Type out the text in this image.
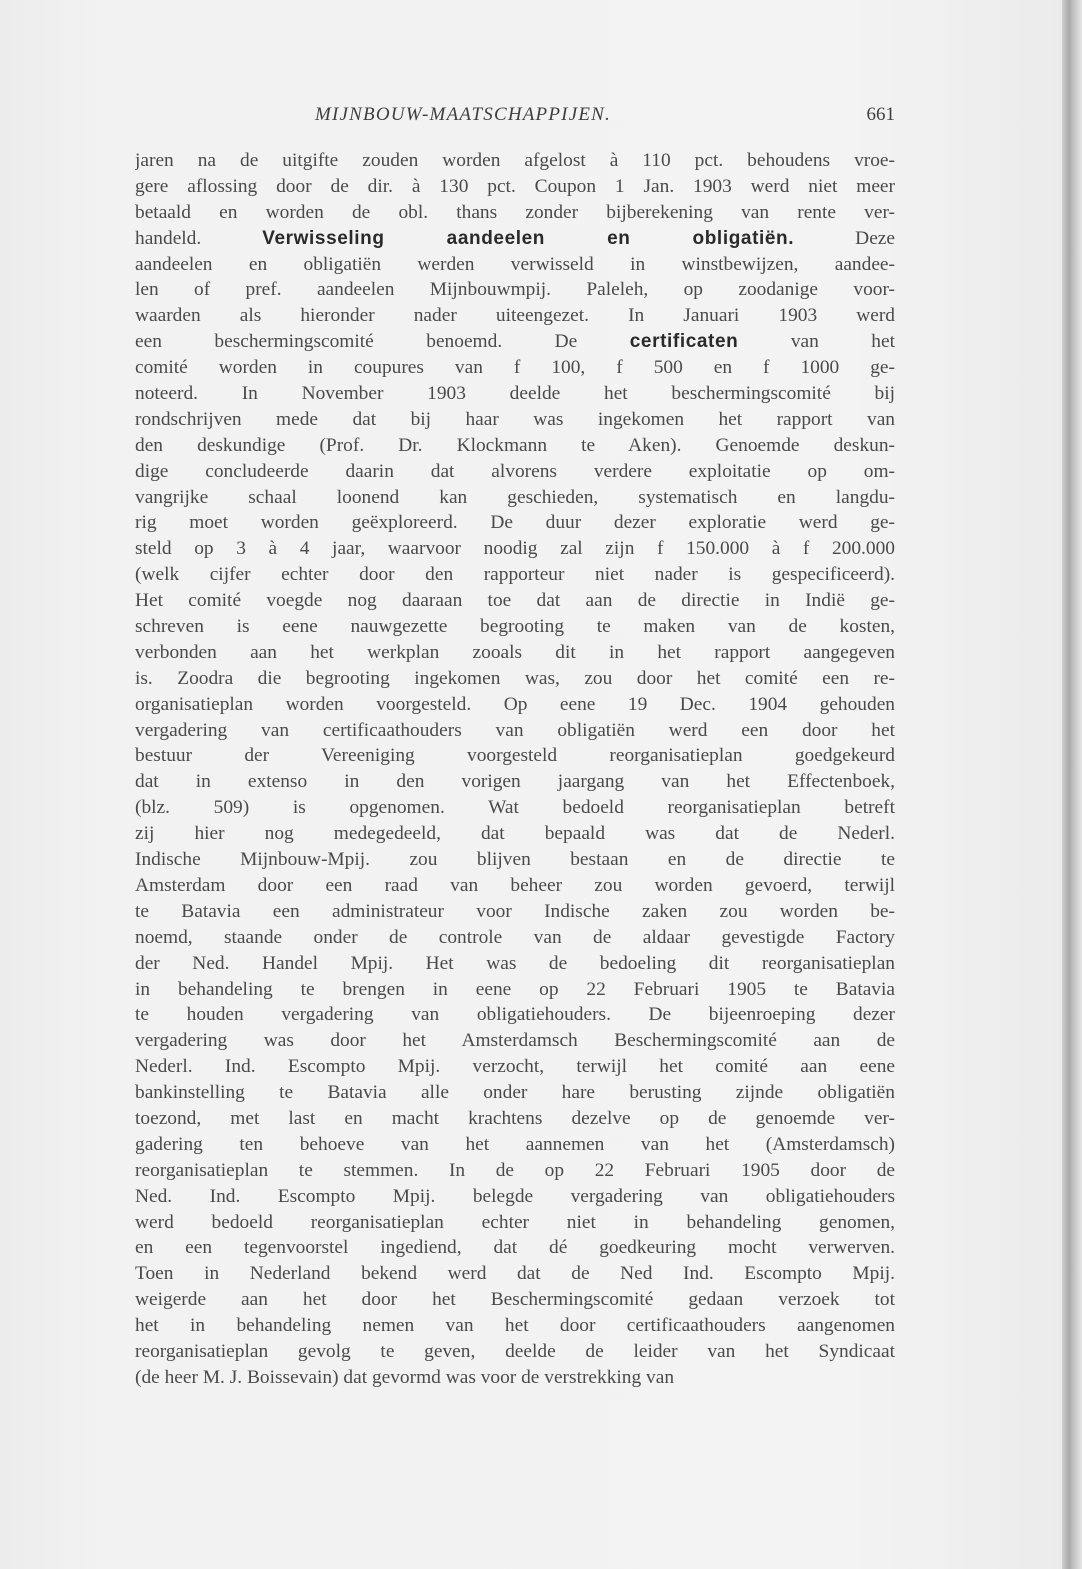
MIJNBOUW-MAATSCHAPPIJEN.	661
jaren na de uitgifte zouden worden afgelost à 110 pct. behoudens vroe-
gere aflossing door de dir. à 130 pct. Coupon 1 Jan. 1903 werd niet meer
betaald en worden de obl. thans zonder bijberekening van rente ver-
handeld. Verwisseling aandeelen en obligatiën. Deze
aandeelen en obligatiën werden verwisseld in winstbewijzen, aandee-
len of pref. aandeelen Mijnbouwmpij. Paleleh, op zoodanige voor-
waarden als hieronder nader uiteengezet. In Januari 1903 werd
een beschermingscomité benoemd. De certificaten van het
comité worden in coupures van f 100, f 500 en f 1000 ge-
noteerd. In November 1903 deelde het beschermingscomité bij
rondschrijven mede dat bij haar was ingekomen het rapport van
den deskundige (Prof. Dr. Klockmann te Aken). Genoemde deskun-
dige concludeerde daarin dat alvorens verdere exploitatie op om-
vangrijke schaal loonend kan geschieden, systematisch en langdu-
rig moet worden geëxploreerd. De duur dezer exploratie werd ge-
steld op 3 à 4 jaar, waarvoor noodig zal zijn f 150.000 à f 200.000
(welk cijfer echter door den rapporteur niet nader is gespecificeerd).
Het comité voegde nog daaraan toe dat aan de directie in Indië ge-
schreven is eene nauwgezette begrooting te maken van de kosten,
verbonden aan het werkplan zooals dit in het rapport aangegeven
is. Zoodra die begrooting ingekomen was, zou door het comité een re-
organisatieplan worden voorgesteld. Op eene 19 Dec. 1904 gehouden
vergadering van certificaathouders van obligatiën werd een door het
bestuur der Vereeniging voorgesteld reorganisatieplan goedgekeurd
dat in extenso in den vorigen jaargang van het Effectenboek,
(blz. 509) is opgenomen. Wat bedoeld reorganisatieplan betreft
zij hier nog medegedeeld, dat bepaald was dat de Nederl.
Indische Mijnbouw-Mpij. zou blijven bestaan en de directie te
Amsterdam door een raad van beheer zou worden gevoerd, terwijl
te Batavia een administrateur voor Indische zaken zou worden be-
noemd, staande onder de controle van de aldaar gevestigde Factory
der Ned. Handel Mpij. Het was de bedoeling dit reorganisatieplan
in behandeling te brengen in eene op 22 Februari 1905 te Batavia
te houden vergadering van obligatiehouders. De bijeenroeping dezer
vergadering was door het Amsterdamsch Beschermingscomité aan de
Nederl. Ind. Escompto Mpij. verzocht, terwijl het comité aan eene
bankinstelling te Batavia alle onder hare berusting zijnde obligatiën
toezond, met last en macht krachtens dezelve op de genoemde ver-
gadering ten behoeve van het aannemen van het (Amsterdamsch)
reorganisatieplan te stemmen. In de op 22 Februari 1905 door de
Ned. Ind. Escompto Mpij. belegde vergadering van obligatiehouders
werd bedoeld reorganisatieplan echter niet in behandeling genomen,
en een tegenvoorstel ingediend, dat dé goedkeuring mocht verwerven.
Toen in Nederland bekend werd dat de Ned Ind. Escompto Mpij.
weigerde aan het door het Beschermingscomité gedaan verzoek tot
het in behandeling nemen van het door certificaathouders aangenomen
reorganisatieplan gevolg te geven, deelde de leider van het Syndicaat
(de heer M. J. Boissevain) dat gevormd was voor de verstrekking van
